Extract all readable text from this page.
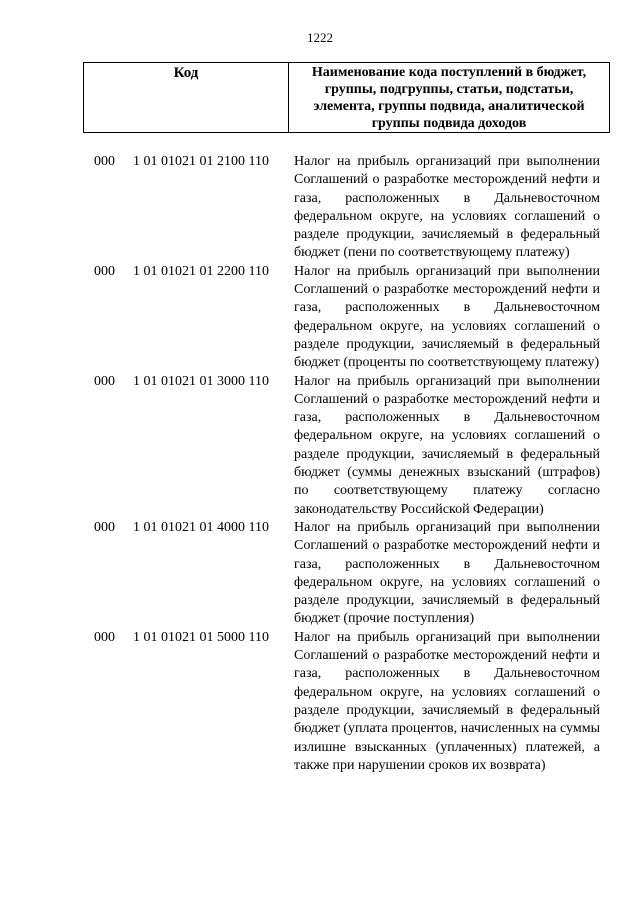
1222
Код	Наименование кода поступлений в бюджет, группы, подгруппы, статьи, подстатьи, элемента, группы подвида, аналитической группы подвида доходов
000 1 01 01021 01 2100 110 Налог на прибыль организаций при выполнении Соглашений о разработке месторождений нефти и газа, расположенных в Дальневосточном федеральном округе, на условиях соглашений о разделе продукции, зачисляемый в федеральный бюджет (пени по соответствующему платежу)
000 1 01 01021 01 2200 110 Налог на прибыль организаций при выполнении Соглашений о разработке месторождений нефти и газа, расположенных в Дальневосточном федеральном округе, на условиях соглашений о разделе продукции, зачисляемый в федеральный бюджет (проценты по соответствующему платежу)
000 1 01 01021 01 3000 110 Налог на прибыль организаций при выполнении Соглашений о разработке месторождений нефти и газа, расположенных в Дальневосточном федеральном округе, на условиях соглашений о разделе продукции, зачисляемый в федеральный бюджет (суммы денежных взысканий (штрафов) по соответствующему платежу согласно законодательству Российской Федерации)
000 1 01 01021 01 4000 110 Налог на прибыль организаций при выполнении Соглашений о разработке месторождений нефти и газа, расположенных в Дальневосточном федеральном округе, на условиях соглашений о разделе продукции, зачисляемый в федеральный бюджет (прочие поступления)
000 1 01 01021 01 5000 110 Налог на прибыль организаций при выполнении Соглашений о разработке месторождений нефти и газа, расположенных в Дальневосточном федеральном округе, на условиях соглашений о разделе продукции, зачисляемый в федеральный бюджет (уплата процентов, начисленных на суммы излишне взысканных (уплаченных) платежей, а также при нарушении сроков их возврата)
